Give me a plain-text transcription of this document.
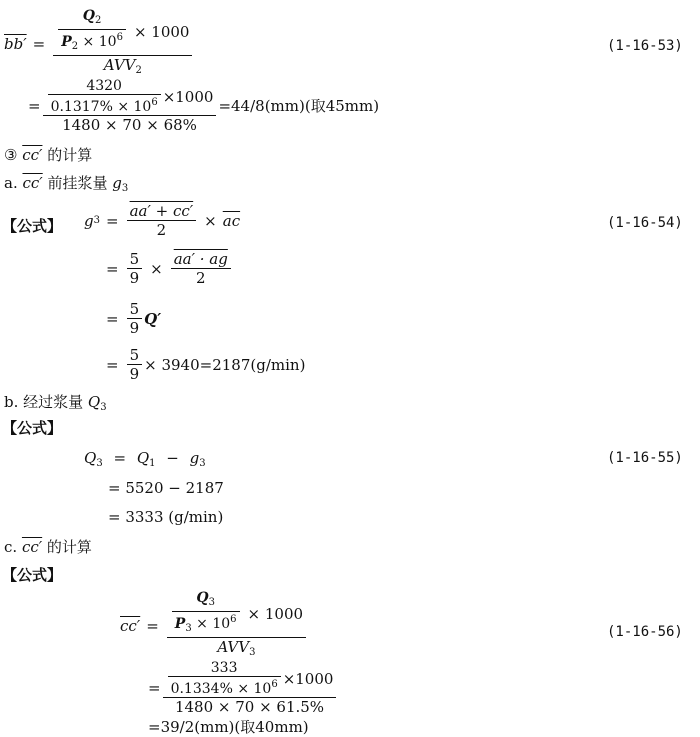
$bb' = \frac{\frac{Q_2}{P_2 \times 10^6} \times 1000}{AVV_2}$	(1-16-53)
= $\frac{4320}{0.1317\% \times 10^6} \times 1000$
1480 × 70 × 68%
=44/8(mm)(取45mm)
③ cc′ 的计算
a. cc′ 前挂浆量 $g_3$
【公式】 g $3 = \frac{aa' + cc'}{2} \times \overline{ac}$	(1-16-54)
= $\frac{5}{9} \times \frac{aa' \cdot ag}{2}$
= $\frac{5}{9} Q'$
= $\frac{5}{9} \times 3940=2187(g/\min)$
b. 经过浆量 $Q_3$
【公式】
$Q_3 = Q_1 - g_3$	(1-16-55)
= 5520 − 2187
= 3333 (g/min)
c. cc′ 的计算
【公式】
$cc' = \frac{\frac{Q_3}{P_3 \times 10^6} \times 1000}{AVV_3}$	(1-16-56)
= $\frac{333}{0.1334\% \times 10^6} \times 1000$
1480 × 70 × 61.5%
=39/2(mm)(取40mm)
